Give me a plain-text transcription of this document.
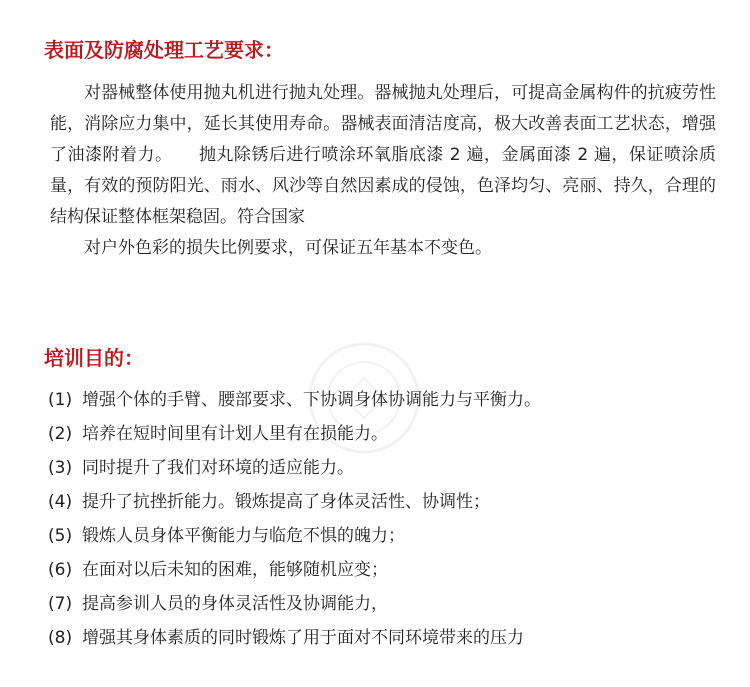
表面及防腐处理工艺要求：

对器械整体使用抛丸机进行抛丸处理。器械抛丸处理后，可提高金属构件的抗疲劳性能，消除应力集中，延长其使用寿命。器械表面清洁度高，极大改善表面工艺状态，增强了油漆附着力。　　抛丸除锈后进行喷涂环氧脂底漆 2 遍，金属面漆 2 遍，保证喷涂质量，有效的预防阳光、雨水、风沙等自然因素成的侵蚀，色泽均匀、亮丽、持久，合理的结构保证整体框架稳固。符合国家

对户外色彩的损失比例要求，可保证五年基本不变色。

培训目的：
(1) 增强个体的手臂、腰部要求、下协调身体协调能力与平衡力。
(2) 培养在短时间里有计划人里有在损能力。
(3) 同时提升了我们对环境的适应能力。
(4) 提升了抗挫折能力。锻炼提高了身体灵活性、协调性；
(5) 锻炼人员身体平衡能力与临危不惧的魄力；
(6) 在面对以后未知的困难，能够随机应变；
(7) 提高参训人员的身体灵活性及协调能力，
(8) 增强其身体素质的同时锻炼了用于面对不同环境带来的压力
